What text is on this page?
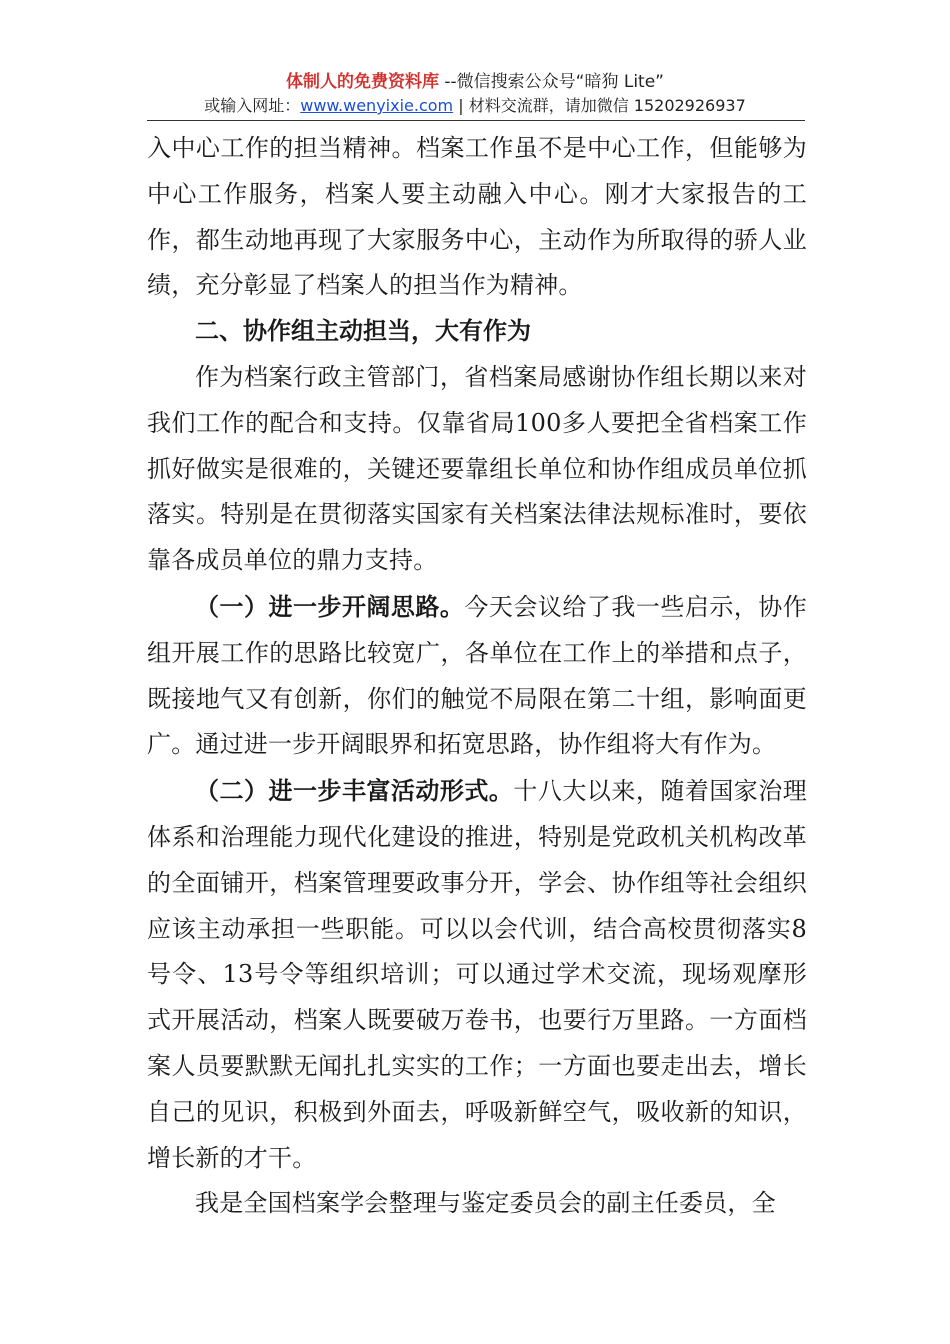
体制人的免费资料库 --微信搜索公众号“暗狗 Lite”
或输入网址：www.wenyixie.com | 材料交流群，请加微信 15202926937

入中心工作的担当精神。档案工作虽不是中心工作，但能够为中心工作服务，档案人要主动融入中心。刚才大家报告的工作，都生动地再现了大家服务中心，主动作为所取得的骄人业绩，充分彰显了档案人的担当作为精神。

二、协作组主动担当，大有作为

作为档案行政主管部门，省档案局感谢协作组长期以来对我们工作的配合和支持。仅靠省局100多人要把全省档案工作抓好做实是很难的，关键还要靠组长单位和协作组成员单位抓落实。特别是在贯彻落实国家有关档案法律法规标准时，要依靠各成员单位的鼎力支持。

（一）进一步开阔思路。今天会议给了我一些启示，协作组开展工作的思路比较宽广，各单位在工作上的举措和点子，既接地气又有创新，你们的触觉不局限在第二十组，影响面更广。通过进一步开阔眼界和拓宽思路，协作组将大有作为。

（二）进一步丰富活动形式。十八大以来，随着国家治理体系和治理能力现代化建设的推进，特别是党政机关机构改革的全面铺开，档案管理要政事分开，学会、协作组等社会组织应该主动承担一些职能。可以以会代训，结合高校贯彻落实8号令、13号令等组织培训；可以通过学术交流，现场观摩形式开展活动，档案人既要破万卷书，也要行万里路。一方面档案人员要默默无闻扎扎实实的工作；一方面也要走出去，增长自己的见识，积极到外面去，呼吸新鲜空气，吸收新的知识，增长新的才干。

我是全国档案学会整理与鉴定委员会的副主任委员，全
